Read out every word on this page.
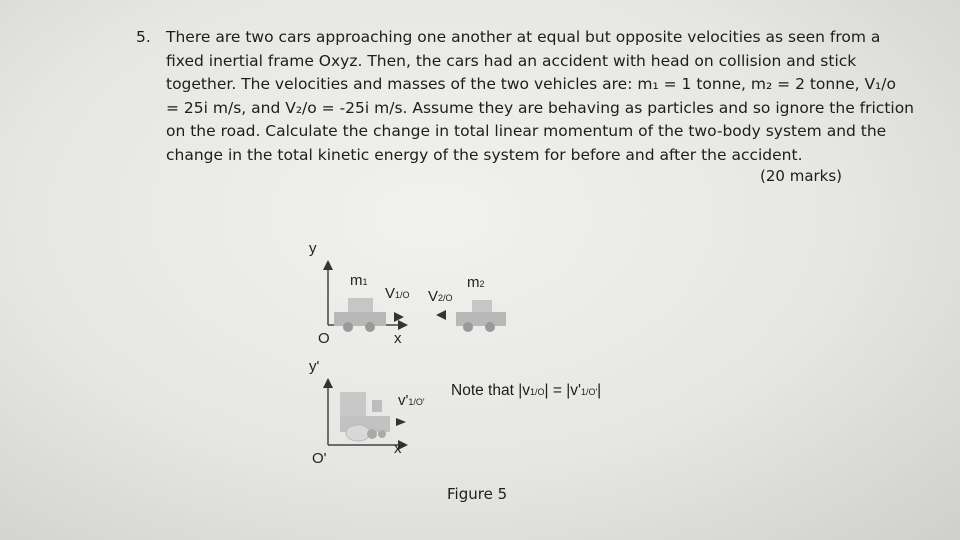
5. There are two cars approaching one another at equal but opposite velocities as seen from a
fixed inertial frame Oxyz. Then, the cars had an accident with head on collision and stick
together. The velocities and masses of the two vehicles are: m₁ = 1 tonne, m₂ = 2 tonne, V₁/o
= 25i m/s, and V₂/o = -25i m/s. Assume they are behaving as particles and so ignore the friction
on the road. Calculate the change in total linear momentum of the two-body system and the
change in the total kinetic energy of the system for before and after the accident.
(20 marks)
y
O	x
m1
V1/O V2/O
m2
y'
O'
x'
v'1/O'
Note that |v1/O| = |v'1/O'|
Figure 5
